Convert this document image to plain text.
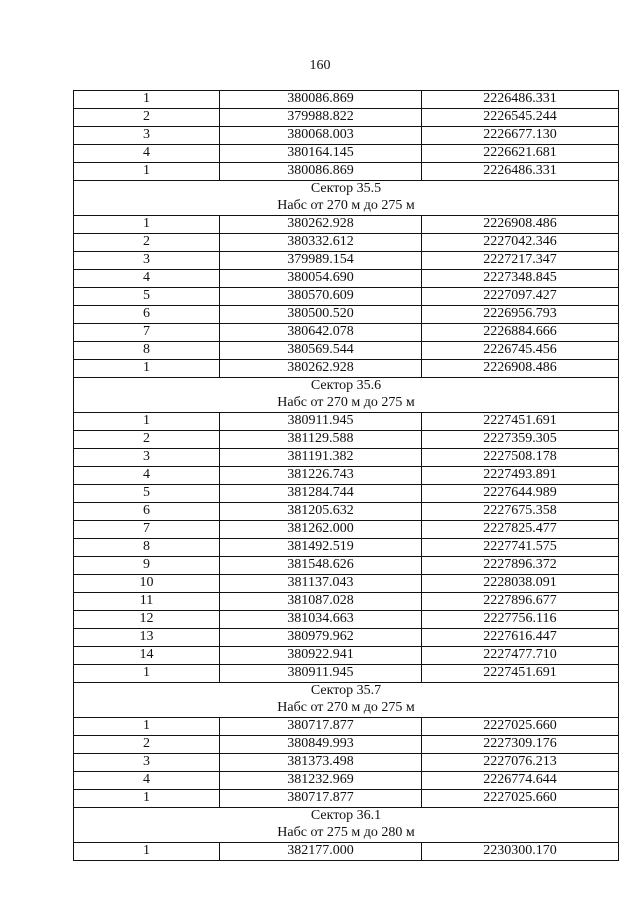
160
1	380086.869	2226486.331
2	379988.822	2226545.244
3	380068.003	2226677.130
4	380164.145	2226621.681
1	380086.869	2226486.331
Сектор 35.5		
Набс от 270 м до 275 м		
1	380262.928	2226908.486
2	380332.612	2227042.346
3	379989.154	2227217.347
4	380054.690	2227348.845
5	380570.609	2227097.427
6	380500.520	2226956.793
7	380642.078	2226884.666
8	380569.544	2226745.456
1	380262.928	2226908.486
Сектор 35.6		
Набс от 270 м до 275 м		
1	380911.945	2227451.691
2	381129.588	2227359.305
3	381191.382	2227508.178
4	381226.743	2227493.891
5	381284.744	2227644.989
6	381205.632	2227675.358
7	381262.000	2227825.477
8	381492.519	2227741.575
9	381548.626	2227896.372
10	381137.043	2228038.091
11	381087.028	2227896.677
12	381034.663	2227756.116
13	380979.962	2227616.447
14	380922.941	2227477.710
1	380911.945	2227451.691
Сектор 35.7		
Набс от 270 м до 275 м		
1	380717.877	2227025.660
2	380849.993	2227309.176
3	381373.498	2227076.213
4	381232.969	2226774.644
1	380717.877	2227025.660
Сектор 36.1		
Набс от 275 м до 280 м		
1	382177.000	2230300.170
